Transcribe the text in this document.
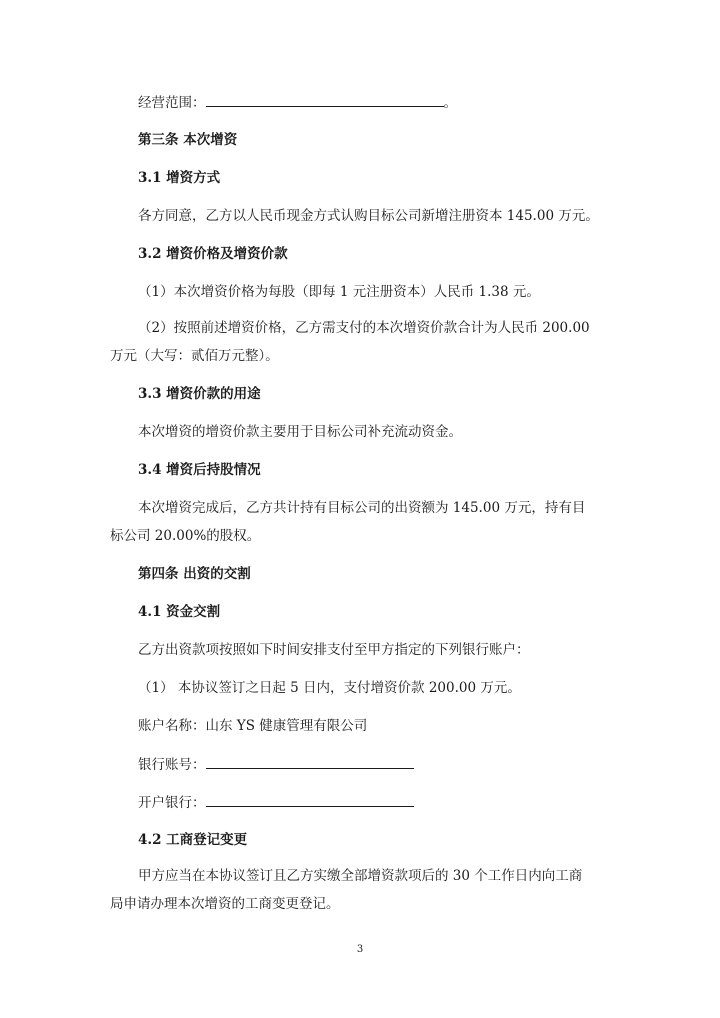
经营范围：	。
第三条 本次增资
3.1 增资方式
各方同意，乙方以人民币现金方式认购目标公司新增注册资本 145.00 万元。
3.2 增资价格及增资价款
（1）本次增资价格为每股（即每 1 元注册资本）人民币 1.38 元。
（2）按照前述增资价格，乙方需支付的本次增资价款合计为人民币 200.00
万元（大写：贰佰万元整）。
3.3 增资价款的用途
本次增资的增资价款主要用于目标公司补充流动资金。
3.4 增资后持股情况
本次增资完成后，乙方共计持有目标公司的出资额为 145.00 万元，持有目
标公司 20.00%的股权。
第四条 出资的交割
4.1 资金交割
乙方出资款项按照如下时间安排支付至甲方指定的下列银行账户：
（1） 本协议签订之日起 5 日内，支付增资价款 200.00 万元。
账户名称：山东 YS 健康管理有限公司
银行账号：
开户银行：
4.2 工商登记变更
甲方应当在本协议签订且乙方实缴全部增资款项后的 30 个工作日内向工商
局申请办理本次增资的工商变更登记。
3
